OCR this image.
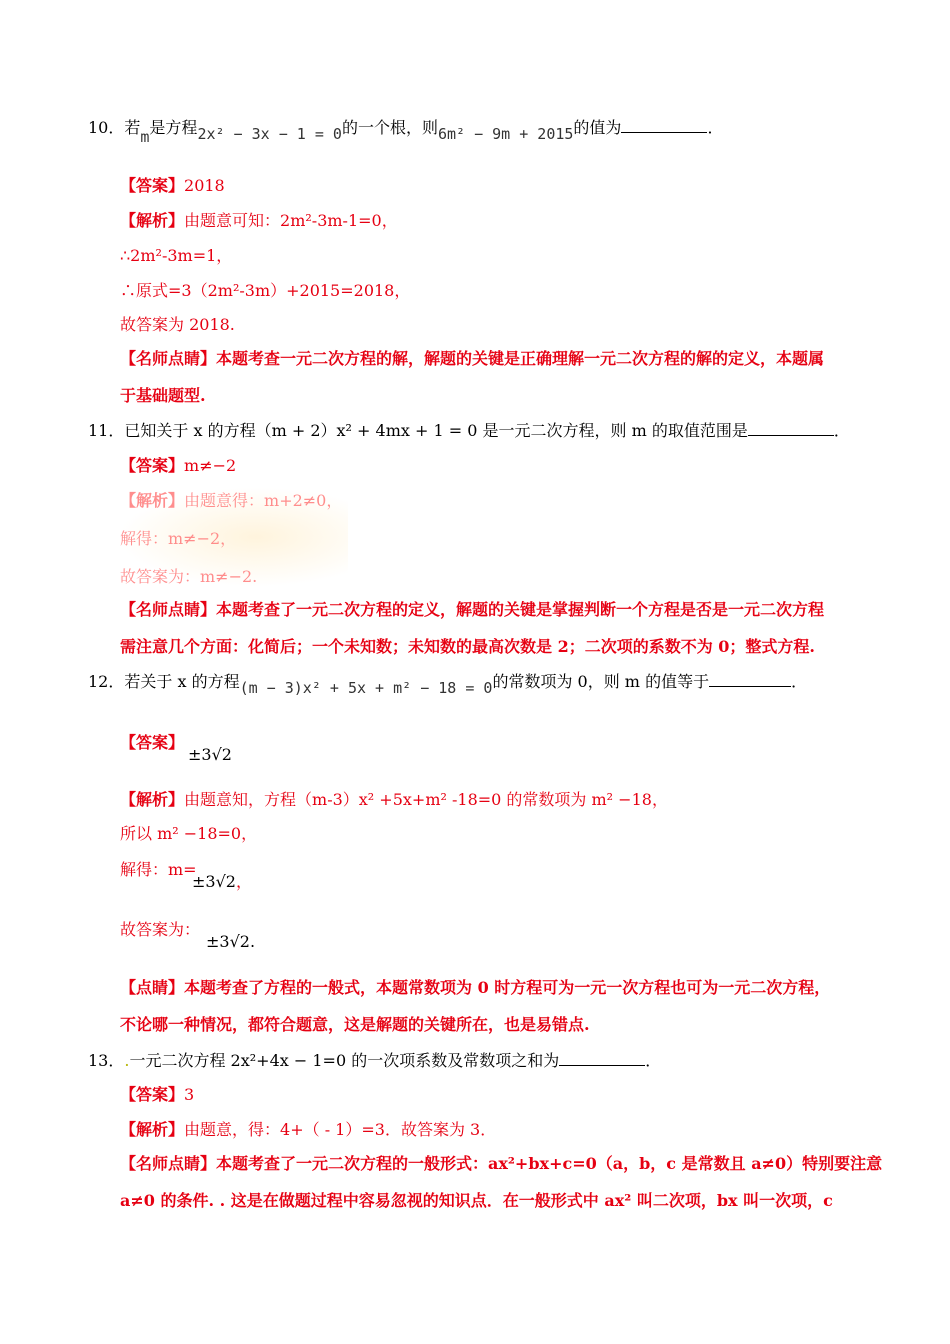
10．若m是方程2x² − 3x − 1 = 0的一个根，则6m² − 9m + 2015的值为	．
【答案】2018
【解析】由题意可知：2m²-3m-1=0，
∴2m²-3m=1，
∴原式=3（2m²-3m）+2015=2018，
故答案为 2018.
【名师点睛】本题考查一元二次方程的解，解题的关键是正确理解一元二次方程的解的定义，本题属
于基础题型.
11．已知关于 x 的方程（m + 2）x² + 4mx + 1 = 0 是一元二次方程，则 m 的取值范围是	．
【答案】m≠−2
【解析】由题意得：m+2≠0，
解得：m≠−2，
故答案为：m≠−2.
【名师点睛】本题考查了一元二次方程的定义，解题的关键是掌握判断一个方程是否是一元二次方程
需注意几个方面：化简后；一个未知数；未知数的最高次数是 2；二次项的系数不为 0；整式方程.
12．若关于 x 的方程(m − 3)x² + 5x + m² − 18 = 0的常数项为 0，则 m 的值等于	．
【答案】
±3√2
【解析】由题意知，方程（m-3）x² +5x+m² -18=0 的常数项为 m² −18，
所以 m² −18=0，
解得：m=
±3√2，
故答案为：
±3√2.
【点睛】本题考查了方程的一般式，本题常数项为 0 时方程可为一元一次方程也可为一元二次方程，
不论哪一种情况，都符合题意，这是解题的关键所在，也是易错点.
13．.一元二次方程 2x²+4x − 1=0 的一次项系数及常数项之和为	．
【答案】3
【解析】由题意，得：4+（ - 1）=3．故答案为 3．
【名师点睛】本题考查了一元二次方程的一般形式：ax²+bx+c=0（a，b，c 是常数且 a≠0）特别要注意
a≠0 的条件. . 这是在做题过程中容易忽视的知识点．在一般形式中 ax² 叫二次项，bx 叫一次项，c
